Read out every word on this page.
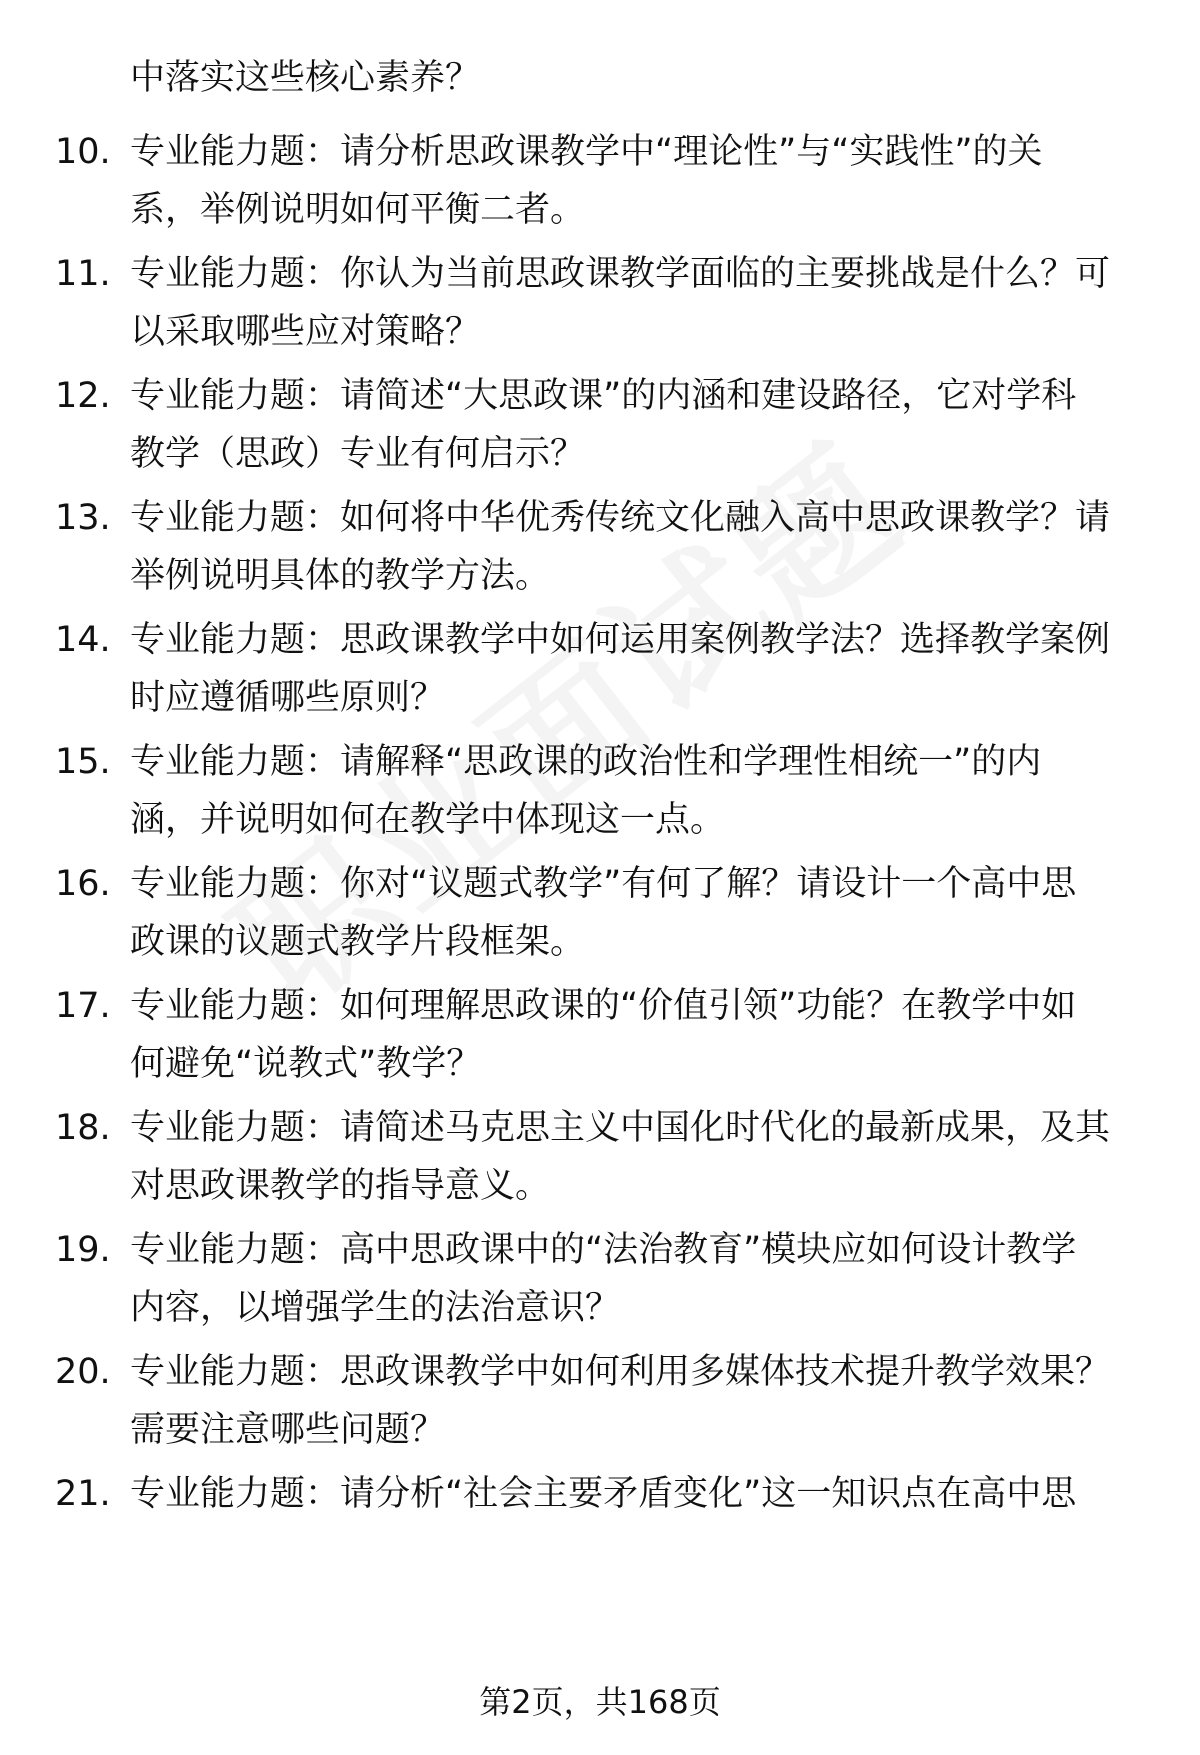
中落实这些核心素养？
10. 专业能力题：请分析思政课教学中“理论性”与“实践性”的关
系，举例说明如何平衡二者。
11. 专业能力题：你认为当前思政课教学面临的主要挑战是什么？可
以采取哪些应对策略？
12. 专业能力题：请简述“大思政课”的内涵和建设路径，它对学科
教学（思政）专业有何启示？
13. 专业能力题：如何将中华优秀传统文化融入高中思政课教学？请
举例说明具体的教学方法。
14. 专业能力题：思政课教学中如何运用案例教学法？选择教学案例
时应遵循哪些原则？
15. 专业能力题：请解释“思政课的政治性和学理性相统一”的内
涵，并说明如何在教学中体现这一点。
16. 专业能力题：你对“议题式教学”有何了解？请设计一个高中思
政课的议题式教学片段框架。
17. 专业能力题：如何理解思政课的“价值引领”功能？在教学中如
何避免“说教式”教学？
18. 专业能力题：请简述马克思主义中国化时代化的最新成果，及其
对思政课教学的指导意义。
19. 专业能力题：高中思政课中的“法治教育”模块应如何设计教学
内容，以增强学生的法治意识？
20. 专业能力题：思政课教学中如何利用多媒体技术提升教学效果？
需要注意哪些问题？
21. 专业能力题：请分析“社会主要矛盾变化”这一知识点在高中思
第2页，共168页
